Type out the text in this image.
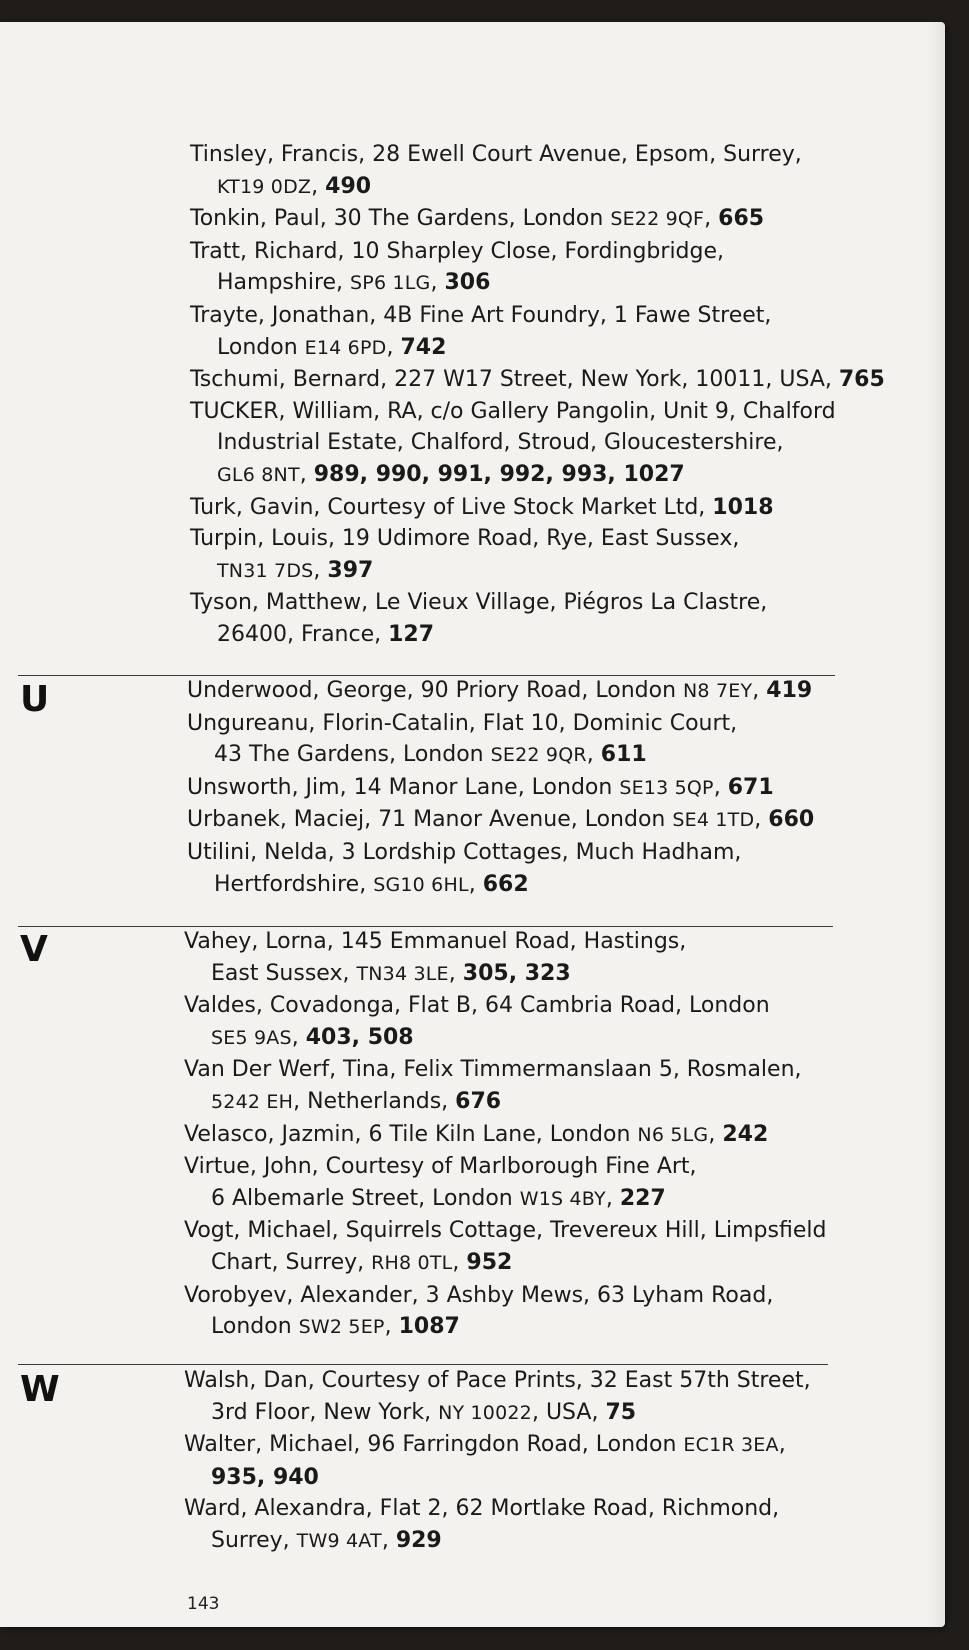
Tinsley, Francis, 28 Ewell Court Avenue, Epsom, Surrey,
KT19 0DZ, 490
Tonkin, Paul, 30 The Gardens, London SE22 9QF, 665
Tratt, Richard, 10 Sharpley Close, Fordingbridge,
Hampshire, SP6 1LG, 306
Trayte, Jonathan, 4B Fine Art Foundry, 1 Fawe Street,
London E14 6PD, 742
Tschumi, Bernard, 227 W17 Street, New York, 10011, USA, 765
TUCKER, William, RA, c/o Gallery Pangolin, Unit 9, Chalford
Industrial Estate, Chalford, Stroud, Gloucestershire,
GL6 8NT, 989, 990, 991, 992, 993, 1027
Turk, Gavin, Courtesy of Live Stock Market Ltd, 1018
Turpin, Louis, 19 Udimore Road, Rye, East Sussex,
TN31 7DS, 397
Tyson, Matthew, Le Vieux Village, Piégros La Clastre,
26400, France, 127
U	Underwood, George, 90 Priory Road, London N8 7EY, 419
Ungureanu, Florin-Catalin, Flat 10, Dominic Court,
43 The Gardens, London SE22 9QR, 611
Unsworth, Jim, 14 Manor Lane, London SE13 5QP, 671
Urbanek, Maciej, 71 Manor Avenue, London SE4 1TD, 660
Utilini, Nelda, 3 Lordship Cottages, Much Hadham,
Hertfordshire, SG10 6HL, 662
V	Vahey, Lorna, 145 Emmanuel Road, Hastings,
East Sussex, TN34 3LE, 305, 323
Valdes, Covadonga, Flat B, 64 Cambria Road, London
SE5 9AS, 403, 508
Van Der Werf, Tina, Felix Timmermanslaan 5, Rosmalen,
5242 EH, Netherlands, 676
Velasco, Jazmin, 6 Tile Kiln Lane, London N6 5LG, 242
Virtue, John, Courtesy of Marlborough Fine Art,
6 Albemarle Street, London W1S 4BY, 227
Vogt, Michael, Squirrels Cottage, Trevereux Hill, Limpsfield
Chart, Surrey, RH8 0TL, 952
Vorobyev, Alexander, 3 Ashby Mews, 63 Lyham Road,
London SW2 5EP, 1087
W	Walsh, Dan, Courtesy of Pace Prints, 32 East 57th Street,
3rd Floor, New York, NY 10022, USA, 75
Walter, Michael, 96 Farringdon Road, London EC1R 3EA,
935, 940
Ward, Alexandra, Flat 2, 62 Mortlake Road, Richmond,
Surrey, TW9 4AT, 929
143
